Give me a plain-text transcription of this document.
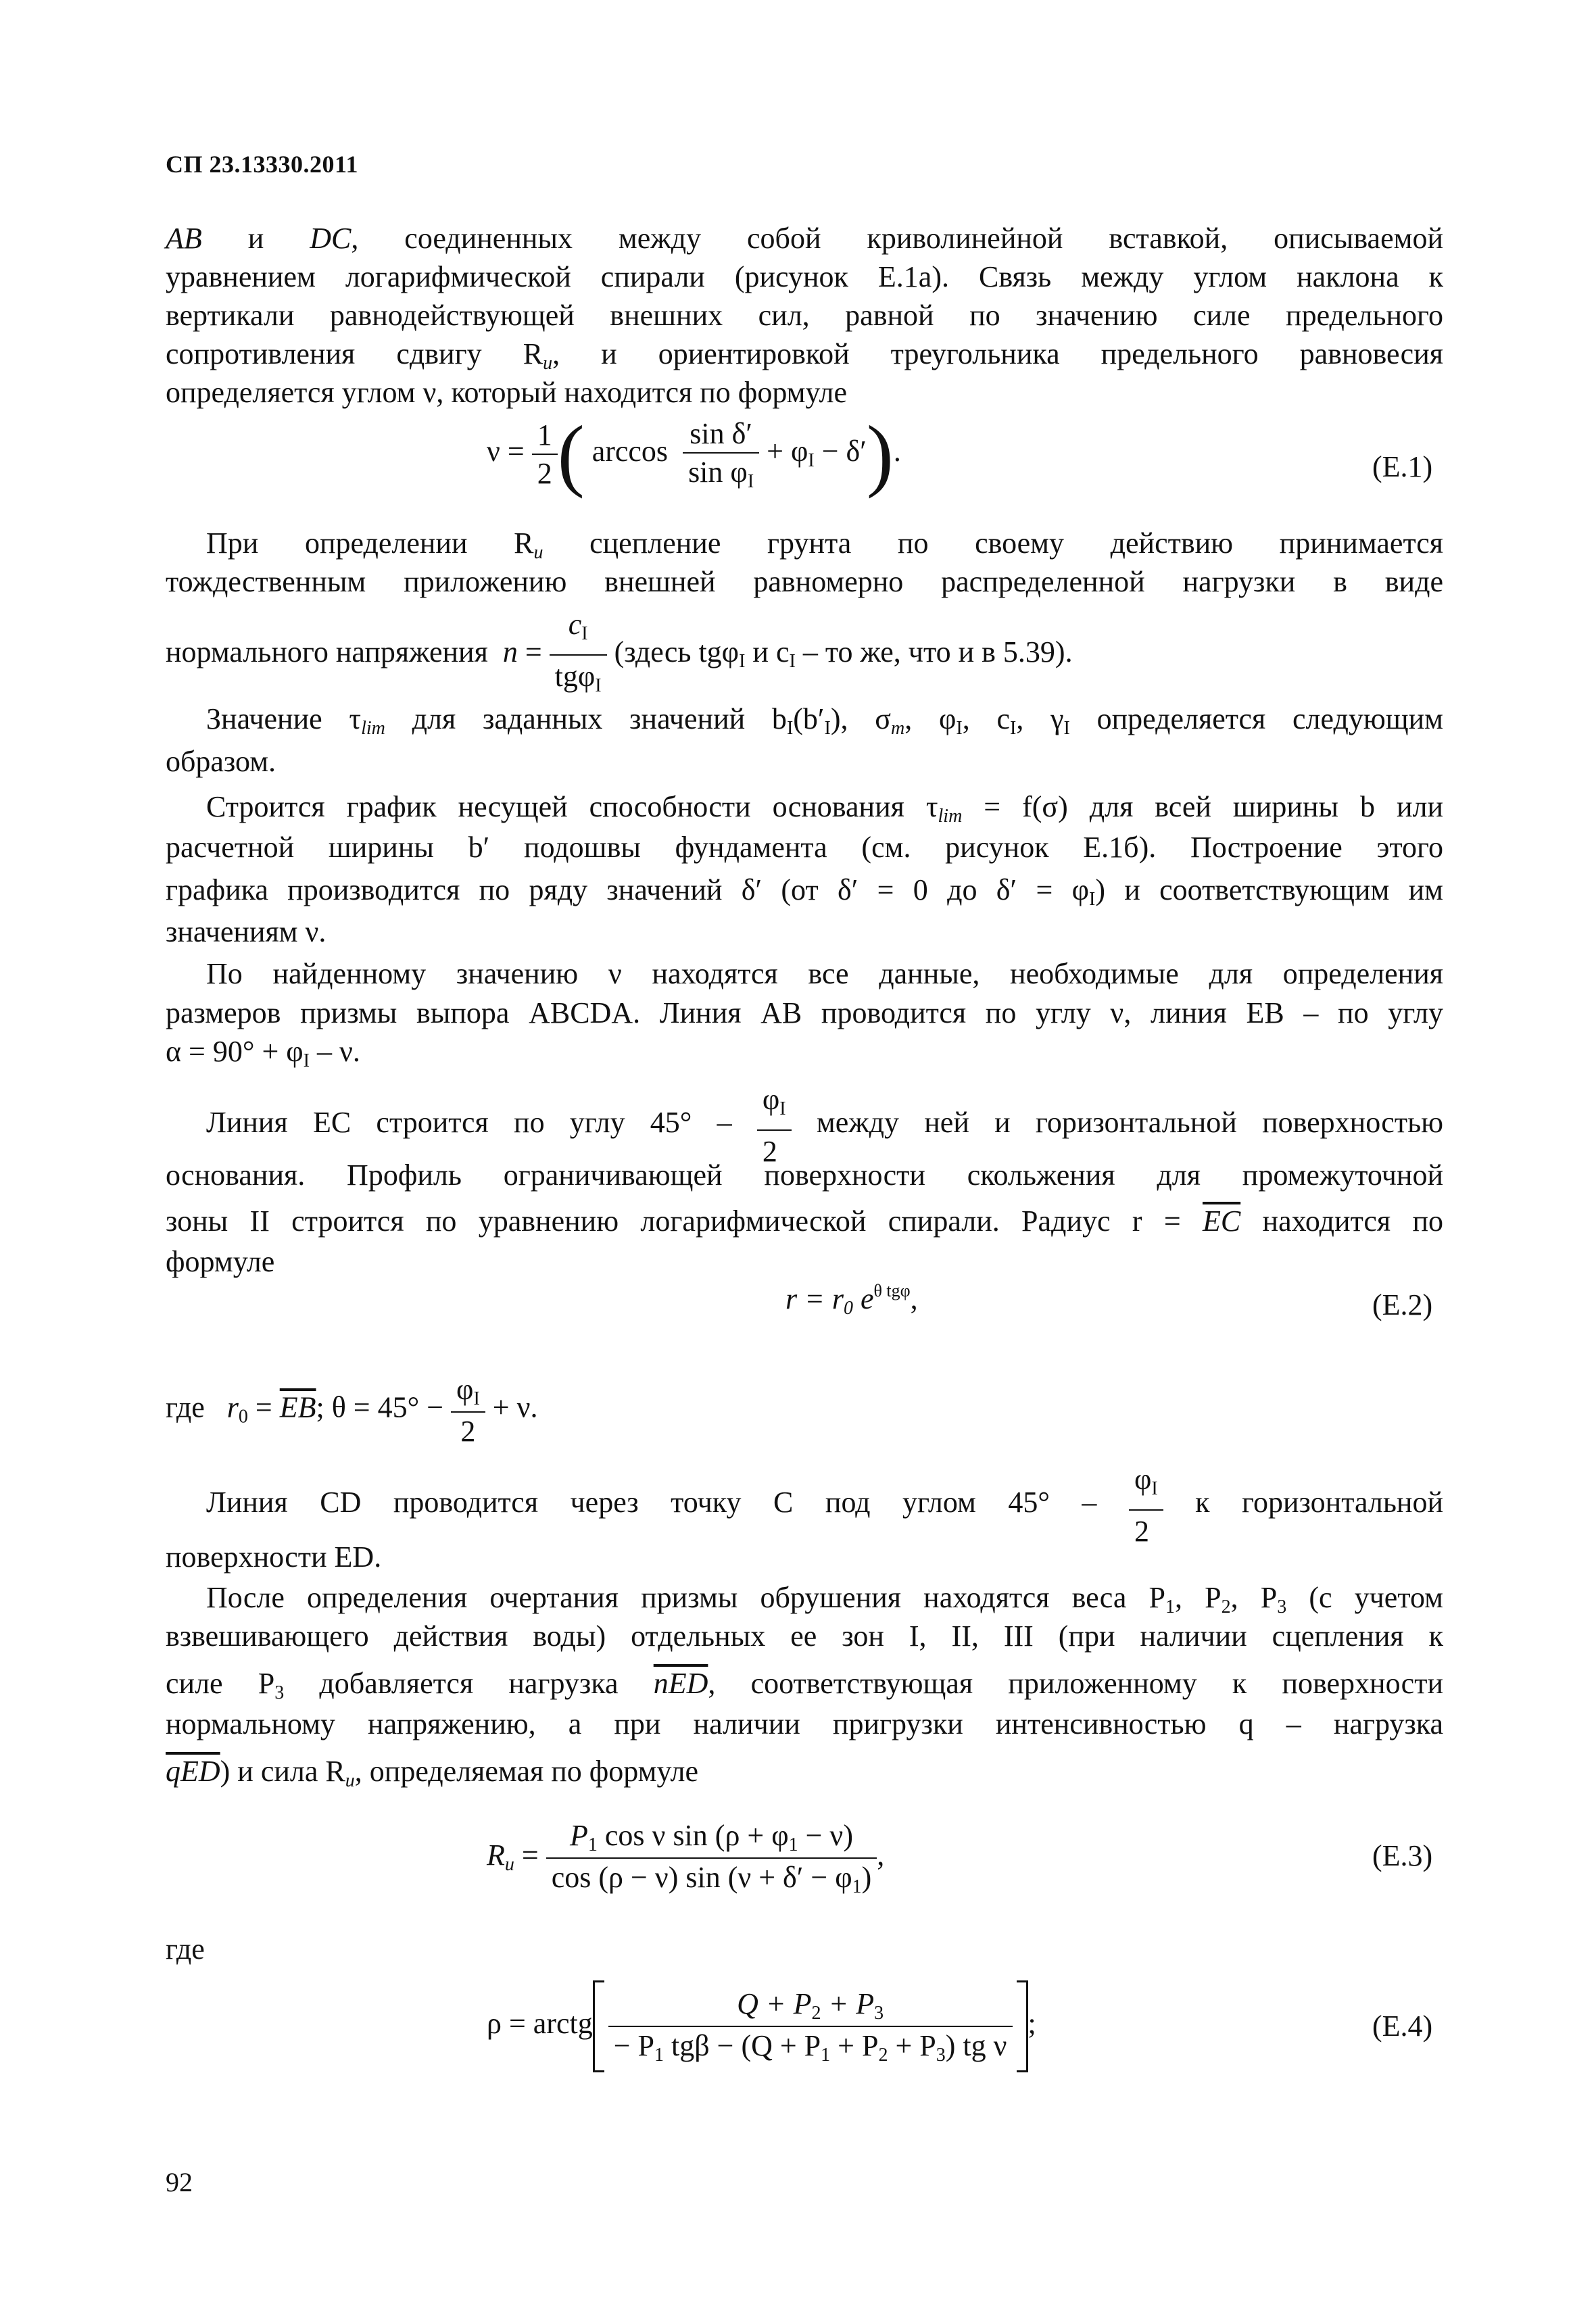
СП 23.13330.2011
AB и DC, соединенных между собой криволинейной вставкой, описываемой
уравнением логарифмической спирали (рисунок Е.1а). Связь между углом наклона к
вертикали равнодействующей внешних сил, равной по значению силе предельного
сопротивления сдвигу $R_u$, и ориентировкой треугольника предельного равновесия
определяется углом ν, который находится по формуле
$\nu = \frac{1}{2}$ ( $\arccos \frac{\text{sin δ′}}{\sin \varphi_I} + \varphi_I - \delta'$).	(Е.1)
При определении $R_u$ сцепление грунта по своему действию принимается
тождественным приложению внешней равномерно распределенной нагрузки в виде
нормального напряжения $n = \frac{c_I}{tg\varphi_I}$ (здесь tgφ$_I$ и $c_I$ – то же, что и в 5.39).
Значение $\tau_{lim}$ для заданных значений $b_I(b'_I)$, $\sigma_m$, $\varphi_I$, $c_I$, $\gamma_I$ определяется следующим
образом.
Строится график несущей способности основания $\tau_{lim} = f(\sigma)$ для всей ширины b или
расчетной ширины b′ подошвы фундамента (см. рисунок Е.1б). Построение этого
графика производится по ряду значений δ′ (от δ′ = 0 до $\delta' = \varphi_I$) и соответствующим им
значениям ν.
По найденному значению ν находятся все данные, необходимые для определения
размеров призмы выпора ABCDA. Линия AB проводится по углу ν, линия EB – по углу
$\alpha = 90^\circ + \varphi_I - \nu$.
Линия EC строится по углу $45^\circ - \frac{\varphi_I}{2}$ между ней и горизонтальной поверхностью
основания. Профиль ограничивающей поверхности скольжения для промежуточной
зоны II строится по уравнению логарифмической спирали. Радиус $r = \overline{EC}$ находится по
формуле
$r = r_0$ $e^{\theta tg\varphi}$,	(Е.2)
где $r_0 = \overline{EB}$; $\theta = 45^\circ - \frac{\varphi_I}{2} + \nu$.
Линия CD проводится через точку C под углом $45^\circ - \frac{\varphi_I}{2}$ к горизонтальной
поверхности ED.
После определения очертания призмы обрушения находятся веса $P_1$, $P_2$, $P_3$ (с учетом
взвешивающего действия воды) отдельных ее зон I, II, III (при наличии сцепления к
силе $P_3$ добавляется нагрузка $\overline{nED}$, соответствующая приложенному к поверхности
нормальному напряжению, а при наличии пригрузки интенсивностью q – нагрузка
qED) и сила $R_u$, определяемая по формуле
$R_u = \frac{P_1 \cos \nu \sin (\rho + \varphi_1 - \nu)}{\cos (\rho - \nu) \sin (\nu + \delta' - \varphi_1)}$ ,	(Е.3)
где
ρ = arctg $\frac{Q + P_2 + P_3}{- P_1 tg\beta - (Q + P_1 + P_2 + P_3) tg \nu}$ ;	(Е.4)
92
